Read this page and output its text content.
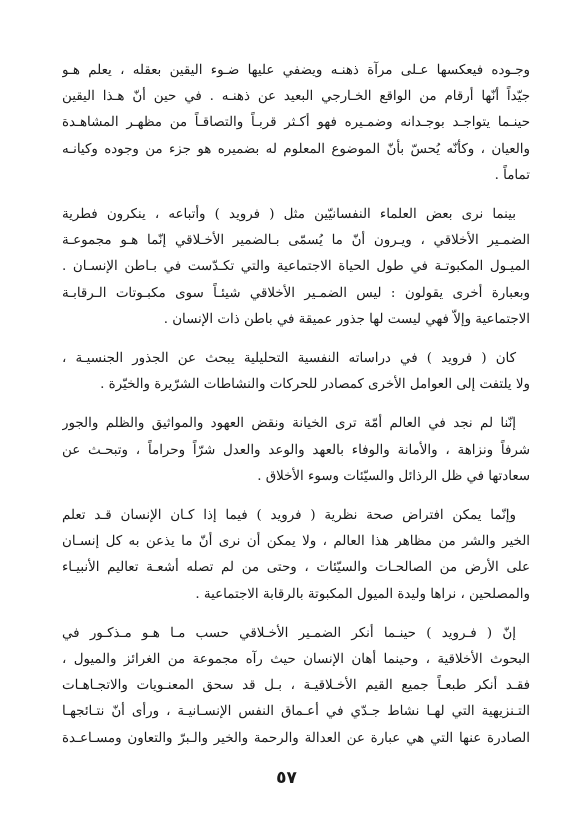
وجـوده فيعكسها عـلى مرآة ذهنـه ويضفي عليها ضـوء اليقين بعقله ، يعلم هـو
جيّداً أنّها أرقام من الواقع الخـارجي البعيد عن ذهنـه . في حين أنّ هـذا اليقين
حينـما يتواجـد بوجـدانه وضمـيره فهو أكـثر قربـاً والتصاقـاً من مظهـر المشاهـدة
والعيان ، وكأنّه يُحسّ بأنّ الموضوع المعلوم له بضميره هو جزء من وجوده وكيانـه
تماماً .
بينما نرى بعض العلماء النفسانيّين مثل ( فرويد ) وأتباعه ، ينكرون فطرية
الضمـير الأخلاقي ، ويـرون أنّ ما يُسمّى بـالضمير الأخـلاقي إنّما هـو مجموعـة
الميـول المكبوتـة في طول الحياة الاجتماعية والتي تكـدّست في بـاطن الإنسـان .
وبعبارة أخرى يقولون : ليس الضمـير الأخلاقي شيئـاً سوى مكبـوتات الـرقابـة
الاجتماعية وإلاّ فهي ليست لها جذور عميقة في باطن ذات الإنسان .
كان ( فرويد ) في دراساته النفسية التحليلية يبحث عن الجذور الجنسيـة ،
ولا يلتفت إلى العوامل الأخرى كمصادر للحركات والنشاطات الشرّيرة والخيّرة .
إنّنا لم نجد في العالم أمّة ترى الخيانة ونقض العهود والمواثيق والظلم والجور
شرفاً ونزاهة ، والأمانة والوفاء بالعهد والوعد والعدل شرّاً وحراماً ، وتبحـث عن
سعادتها في ظل الرذائل والسيّئات وسوء الأخلاق .
وإنّما يمكن افتراض صحة نظرية ( فرويد ) فيما إذا كـان الإنسان قـد تعلم
الخير والشر من مظاهر هذا العالم ، ولا يمكن أن نرى أنّ ما يذعن به كل إنسـان
على الأرض من الصالحـات والسيّئات ، وحتى من لم تصله أشعـة تعاليم الأنبيـاء
والمصلحين ، نراها وليدة الميول المكبوتة بالرقابة الاجتماعية .
إنّ ( فـرويد ) حينـما أنكر الضمـير الأخـلاقي حسب مـا هـو مـذكـور في
البحوث الأخلاقية ، وحينما أهان الإنسان حيث رآه مجموعة من الغرائز والميول ،
فقـد أنكر طبعـاً جميع القيم الأخـلاقيـة ، بـل قد سحق المعنـويات والاتجـاهـات
التـنزيهية التي لهـا نشاط جـدّي في أعـماق النفس الإنسـانيـة ، ورأى أنّ نتـائجهـا
الصادرة عنها التي هي عبارة عن العدالة والرحمة والخير والـبرّ والتعاون ومسـاعـدة
٥٧
